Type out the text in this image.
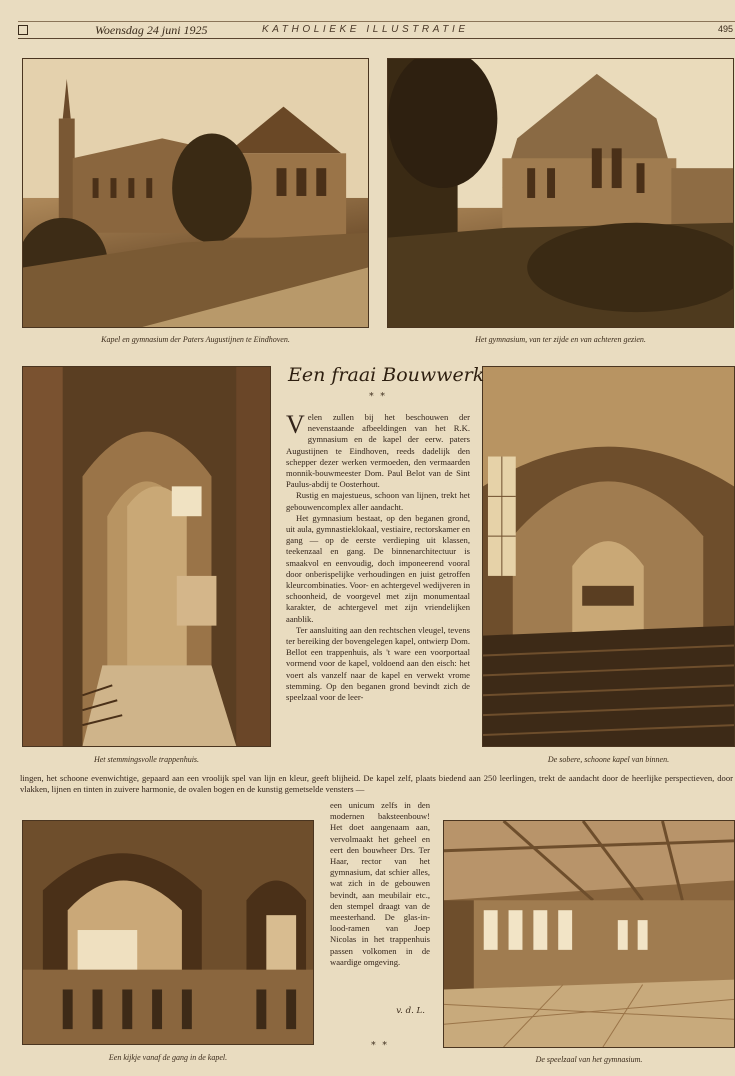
Woensdag 24 juni 1925	KATHOLIEKE ILLUSTRATIE	495
Kapel en gymnasium der Paters Augustijnen te Eindhoven.	Het gymnasium, van ter zijde en van achteren gezien.
Het stemmingsvolle trappenhuis.	De sobere, schoone kapel van binnen.
Een fraai Bouwwerk
* *

Velen zullen bij het beschouwen der nevenstaande afbeeldingen van het R.K. gymnasium en de kapel der eerw. paters Augustijnen te Eindhoven, reeds dadelijk den schepper dezer werken vermoeden, den vermaarden monnik-bouwmeester Dom. Paul Belot van de Sint Paulus-abdij te Oosterhout.

Rustig en majestueus, schoon van lijnen, trekt het gebouwencomplex aller aandacht.

Het gymnasium bestaat, op den beganen grond, uit aula, gymnastieklokaal, vestiaire, rectorskamer en gang — op de eerste verdieping uit klassen, teekenzaal en gang. De binnenarchitectuur is smaakvol en eenvoudig, doch imponeerend vooral door onberispelijke verhoudingen en juist getroffen kleurcombinaties. Voor- en achtergevel wedijveren in schoonheid, de voorgevel met zijn monumentaal karakter, de achtergevel met zijn vriendelijken aanblik.

Ter aansluiting aan den rechtschen vleugel, tevens ter bereiking der bovengelegen kapel, ontwierp Dom. Bellot een trappenhuis, als 't ware een voorportaal vormend voor de kapel, voldoend aan den eisch: het voert als vanzelf naar de kapel en verwekt vrome stemming. Op den beganen grond bevindt zich de speelzaal voor de leer-

lingen, het schoone evenwichtige, gepaard aan een vroolijk spel van lijn en kleur, geeft blijheid. De kapel zelf, plaats biedend aan 250 leerlingen, trekt de aandacht door de heerlijke perspectieven, door vlakken, lijnen en tinten in zuivere harmonie, de ovalen bogen en de kunstig gemetselde vensters —
Een kijkje vanaf de gang in de kapel.
een unicum zelfs in den modernen baksteenbouw! Het doet aangenaam aan, vervolmaakt het geheel en eert den bouwheer Drs. Ter Haar, rector van het gymnasium, dat schier alles, wat zich in de gebouwen bevindt, aan meubilair etc., den stempel draagt van de meesterhand. De glas-in-lood-ramen van Joep Nicolas in het trappenhuis passen volkomen in de waardige omgeving.
v. d. L.
* *
De speelzaal van het gymnasium.
